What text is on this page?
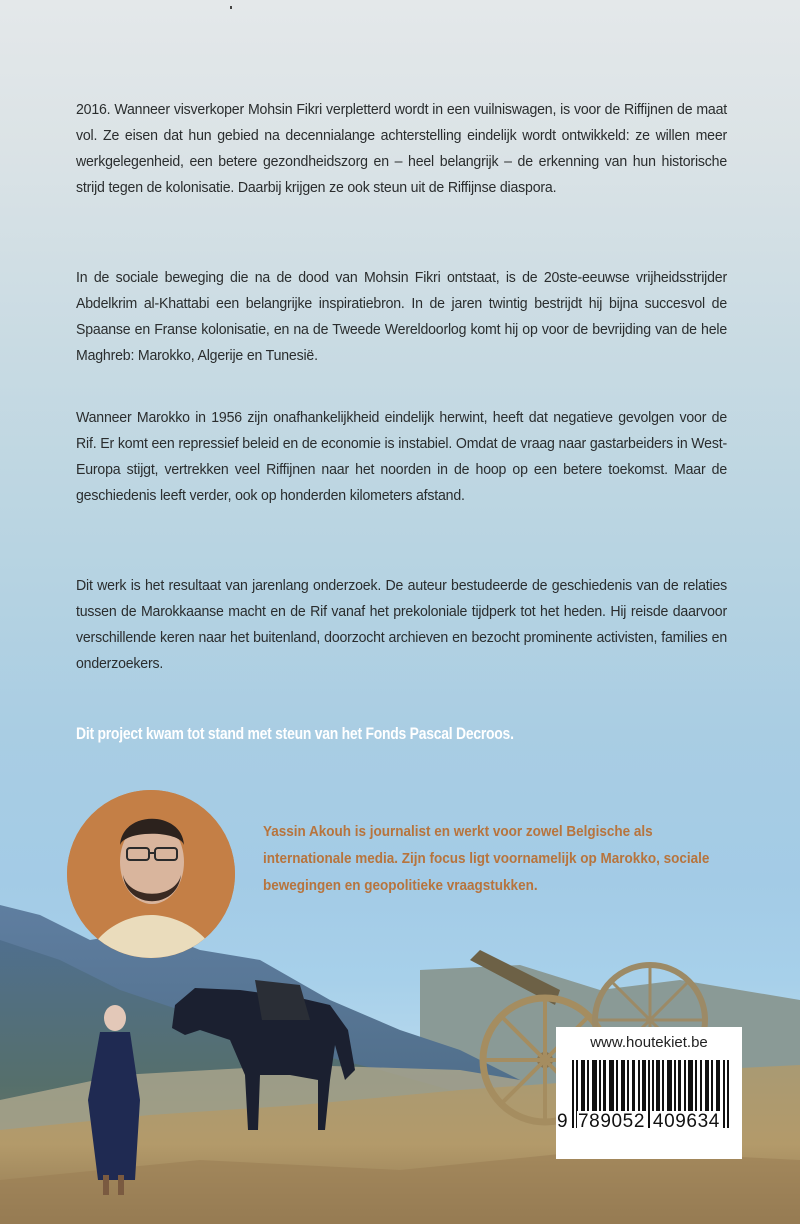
2016. Wanneer visverkoper Mohsin Fikri verpletterd wordt in een vuilniswagen, is voor de Riffijnen de maat vol. Ze eisen dat hun gebied na decennialange achterstelling eindelijk wordt ontwikkeld: ze willen meer werkgelegenheid, een betere gezondheidszorg en – heel belangrijk – de erkenning van hun historische strijd tegen de kolonisatie. Daarbij krijgen ze ook steun uit de Riffijnse diaspora.

In de sociale beweging die na de dood van Mohsin Fikri ontstaat, is de 20ste-eeuwse vrijheidsstrijder Abdelkrim al-Khattabi een belangrijke inspiratiebron. In de jaren twintig bestrijdt hij bijna succesvol de Spaanse en Franse kolonisatie, en na de Tweede Wereldoorlog komt hij op voor de bevrijding van de hele Maghreb: Marokko, Algerije en Tunesië.

Wanneer Marokko in 1956 zijn onafhankelijkheid eindelijk herwint, heeft dat negatieve gevolgen voor de Rif. Er komt een repressief beleid en de economie is instabiel. Omdat de vraag naar gastarbeiders in West-Europa stijgt, vertrekken veel Riffijnen naar het noorden in de hoop op een betere toekomst. Maar de geschiedenis leeft verder, ook op honderden kilometers afstand.

Dit werk is het resultaat van jarenlang onderzoek. De auteur bestudeerde de geschiedenis van de relaties tussen de Marokkaanse macht en de Rif vanaf het prekoloniale tijdperk tot het heden. Hij reisde daarvoor verschillende keren naar het buitenland, doorzocht archieven en bezocht prominente activisten, families en onderzoekers.

Dit project kwam tot stand met steun van het Fonds Pascal Decroos.

Yassin Akouh is journalist en werkt voor zowel Belgische als internationale media. Zijn focus ligt voornamelijk op Marokko, sociale bewegingen en geopolitieke vraagstukken.

www.houtekiet.be
9 789052 409634
